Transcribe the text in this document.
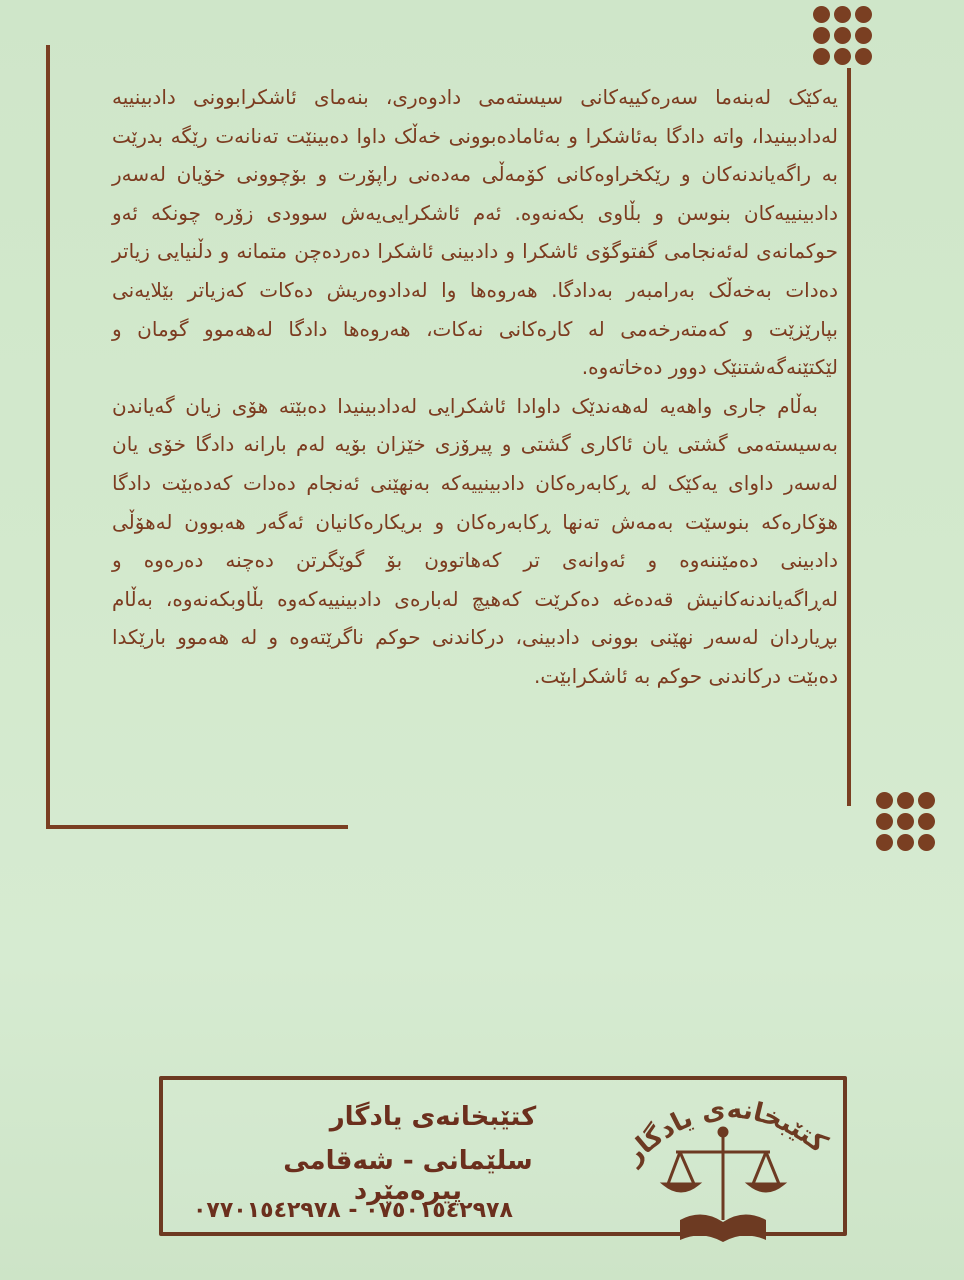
یەکێک لەبنەما سەرەکییەکانی سیستەمی دادوەری، بنەمای ئاشکرابوونی دادبینییە لەدادبینیدا، واتە دادگا بەئاشکرا و بەئامادەبوونی خەڵک داوا دەبینێت تەنانەت رێگە بدرێت بە راگەیاندنەکان و رێکخراوەکانی کۆمەڵی مەدەنی راپۆرت و بۆچوونی خۆیان لەسەر دادبینییەکان بنوسن و بڵاوی بکەنەوە. ئەم ئاشکرایی‌یەش سوودی زۆرە چونکە ئەو حوکمانەی لەئەنجامی گفتوگۆی ئاشکرا و دادبینی ئاشکرا دەردەچن متمانە و دڵنیایی زیاتر دەدات بەخەڵک بەرامبەر بەدادگا. هەروەها وا لەدادوەریش دەکات کەزیاتر بێلایەنی بپارێزێت و کەمتەرخەمی لە کارەکانی نەکات، هەروەها دادگا لەهەموو گومان و لێکتێنەگەشتنێک دوور دەخاتەوە.

بەڵام جاری واهەیە لەهەندێک داوادا ئاشکرایی لەدادبینیدا دەبێتە هۆی زیان گەیاندن بەسیستەمی گشتی یان ئاکاری گشتی و پیرۆزی خێزان بۆیە لەم بارانە دادگا خۆی یان لەسەر داوای یەکێک لە ڕکابەرەکان دادبینییەکە بەنهێنی ئەنجام دەدات کەدەبێت دادگا هۆکارەکە بنوسێت بەمەش تەنها ڕکابەرەکان و بریکارەکانیان ئەگەر هەبوون لەهۆڵی دادبینی دەمێننەوە و ئەوانەی تر کەهاتوون بۆ گوێگرتن دەچنە دەرەوە و لەڕاگەیاندنەکانیش قەدەغە دەکرێت کەهیچ لەبارەی دادبینییەکەوە بڵاوبکەنەوە، بەڵام بڕیاردان لەسەر نهێنی بوونی دادبینی، درکاندنی حوکم ناگرێتەوە و لە هەموو بارێکدا دەبێت درکاندنی حوکم بە ئاشکرابێت.

كتێبخانەی یادگار
سلێمانی - شەقامی پیرەمێرد
٠٧٥٠١٥٤٢٩٧٨ - ٠٧٧٠١٥٤٢٩٧٨
كتێبخانەی یادگار
